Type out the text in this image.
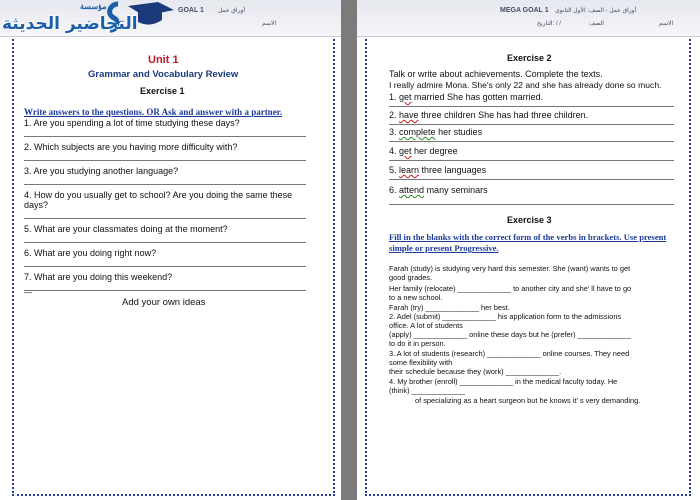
GOAL 1 أوراق عمل
الاسم
مؤسسة
التحاضير الحديثة
Unit 1
Grammar and Vocabulary Review
Exercise 1
Write answers to the questions. OR Ask and answer with a partner.
1. Are you spending a lot of time studying these days?
2. Which subjects are you having more difficulty with?
3. Are you studying another language?
4. How do you usually get to school? Are you doing the same these
days?
5. What are your classmates doing at the moment?
6. What are you doing right now?
7. What are you doing this weekend?
—
Add your own ideas
MEGA GOAL 1 أوراق عمل - الصف: الأول الثانوي
الاسم
الصف
التاريخ: / /
Exercise 2
Talk or write about achievements. Complete the texts.
I really admire Mona. She's only 22 and she has already done so much.
1. get married She has gotten married.
2. have three children She has had three children.
3. complete her studies
4. get her degree
5. learn three languages
6. attend many seminars
Exercise 3
Fill in the blanks with the correct form of the verbs in brackets. Use present
simple or present Progressive.
Farah (study) is studying very hard this semester. She (want) wants to get
good grades.
Her family (relocate) _____________ to another city and she' ll have to go
to a new school.
Farah (try) _____________ her best.
2. Adel (submit) _____________ his application form to the admissions
office. A lot of students
(apply) _____________ online these days but he (prefer) _____________
to do it in person.
3. A lot of students (research) _____________ online courses. They need
some flexibility with
their schedule because they (work) _____________.
4. My brother (enroll) _____________ in the medical faculty today. He
(think) _____________
of specializing as a heart surgeon but he knows it' s very demanding.
